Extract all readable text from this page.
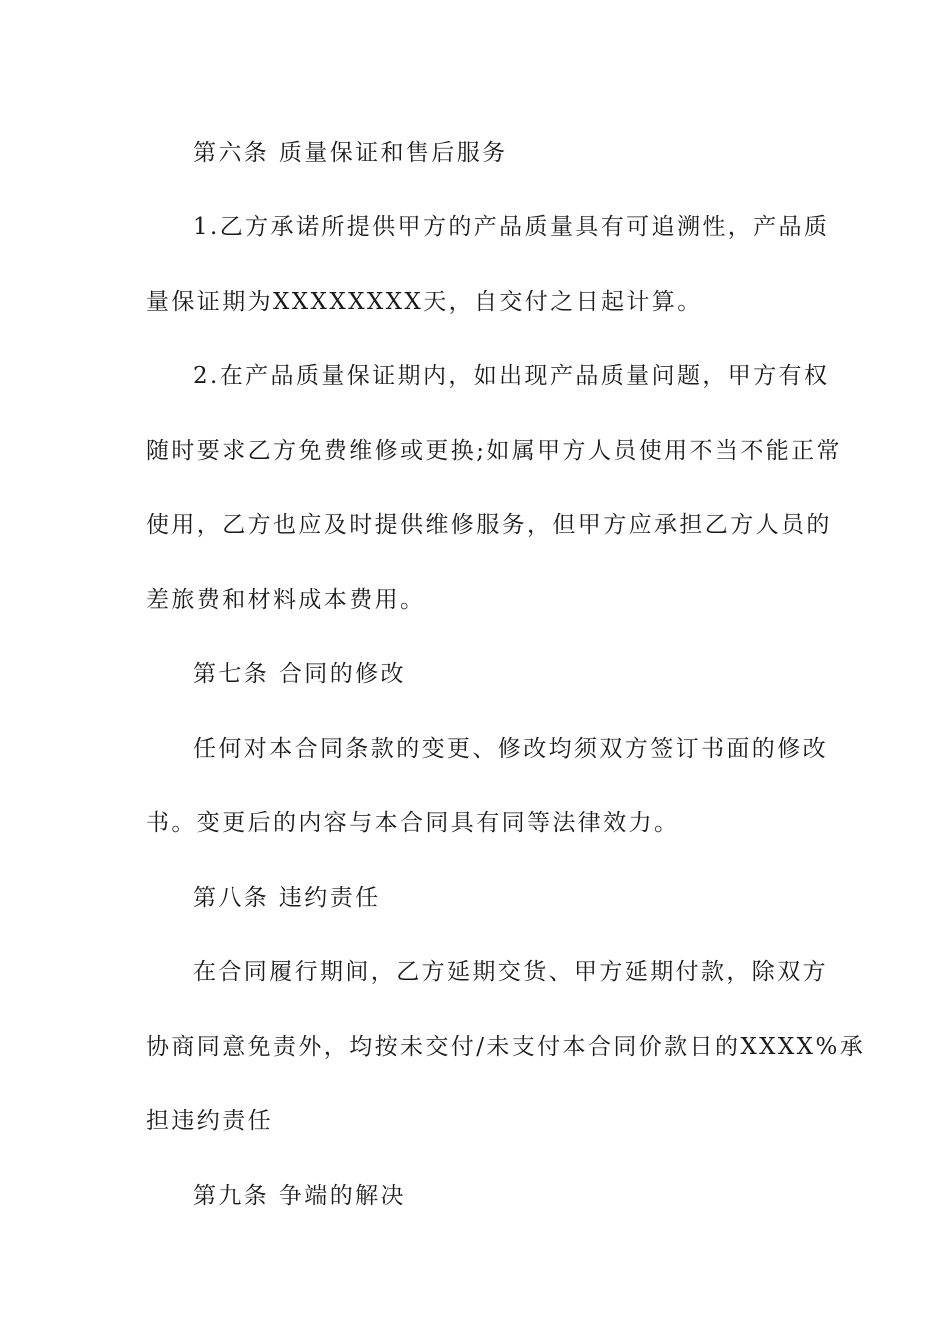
第六条 质量保证和售后服务
1.乙方承诺所提供甲方的产品质量具有可追溯性，产品质
量保证期为XXXXXXXX天，自交付之日起计算。
2.在产品质量保证期内，如出现产品质量问题，甲方有权
随时要求乙方免费维修或更换;如属甲方人员使用不当不能正常
使用，乙方也应及时提供维修服务，但甲方应承担乙方人员的
差旅费和材料成本费用。
第七条 合同的修改
任何对本合同条款的变更、修改均须双方签订书面的修改
书。变更后的内容与本合同具有同等法律效力。
第八条 违约责任
在合同履行期间，乙方延期交货、甲方延期付款，除双方
协商同意免责外，均按未交付/未支付本合同价款日的XXXX%承
担违约责任
第九条 争端的解决
